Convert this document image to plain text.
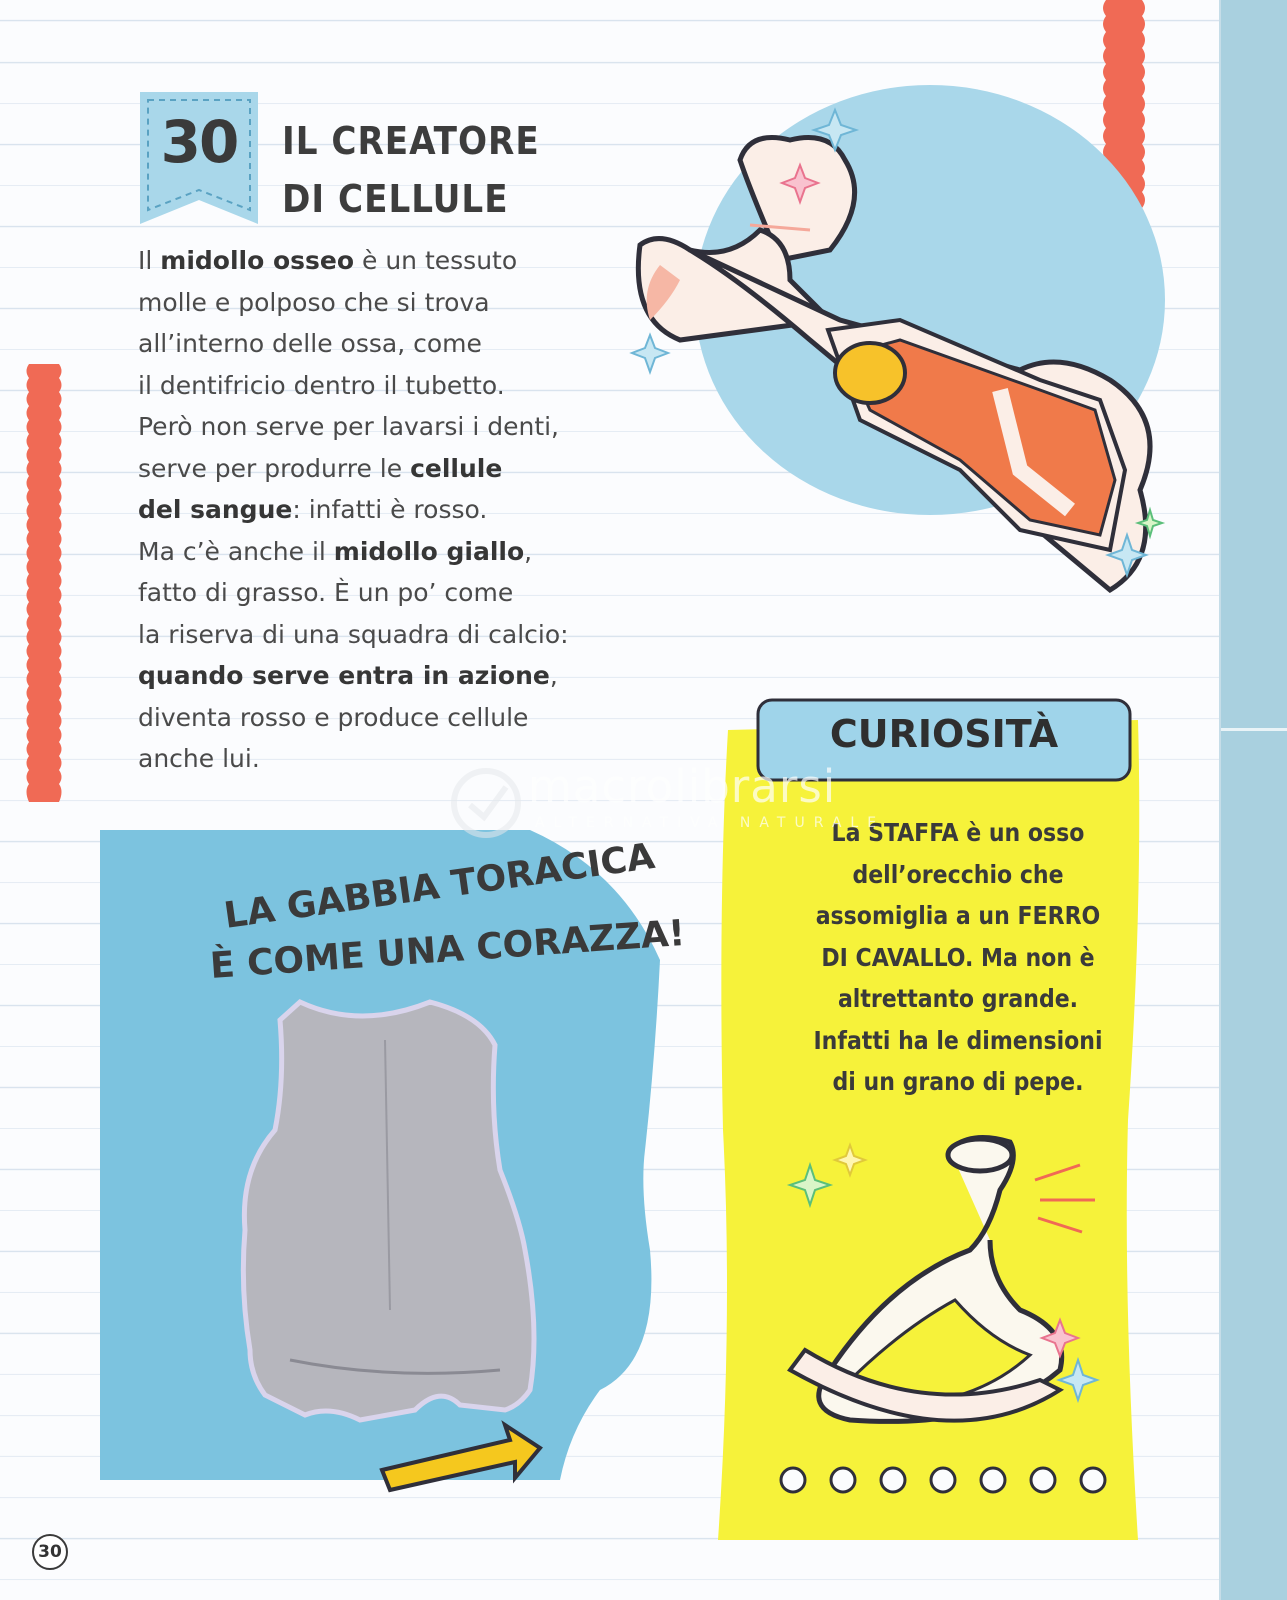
30	IL CREATORE
DI CELLULE
Il midollo osseo è un tessuto
molle e polposo che si trova
all’interno delle ossa, come
il dentifricio dentro il tubetto.
Però non serve per lavarsi i denti,
serve per produrre le cellule
del sangue: infatti è rosso.
Ma c’è anche il midollo giallo,
fatto di grasso. È un po’ come
la riserva di una squadra di calcio:
quando serve entra in azione,
diventa rosso e produce cellule
anche lui.
LA GABBIA TORACICA
È COME UNA CORAZZA!
CURIOSITÀ
La STAFFA è un osso
dell’orecchio che
assomiglia a un FERRO
DI CAVALLO. Ma non è
altrettanto grande.
Infatti ha le dimensioni
di un grano di pepe.
macrolibrarsi
ALTERNATIVA NATURALE
30
